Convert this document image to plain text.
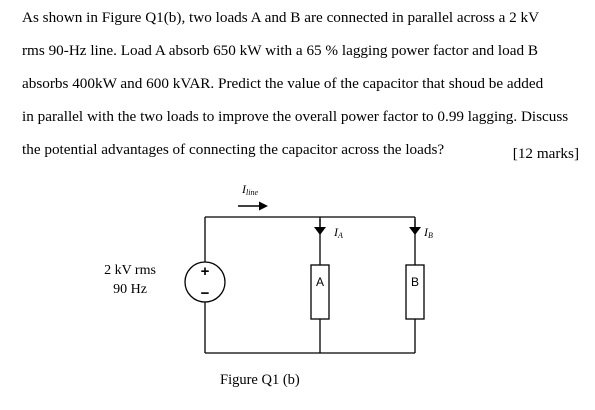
As shown in Figure Q1(b), two loads A and B are connected in parallel across a 2 kV
rms 90-Hz line. Load A absorb 650 kW with a 65 % lagging power factor and load B
absorbs 400kW and 600 kVAR. Predict the value of the capacitor that shoud be added
in parallel with the two loads to improve the overall power factor to 0.99 lagging. Discuss
the potential advantages of connecting the capacitor across the loads?	[12 marks]
2 kV rms
90 Hz
+
−
A	B
Iline
IA	IB
Figure Q1 (b)
